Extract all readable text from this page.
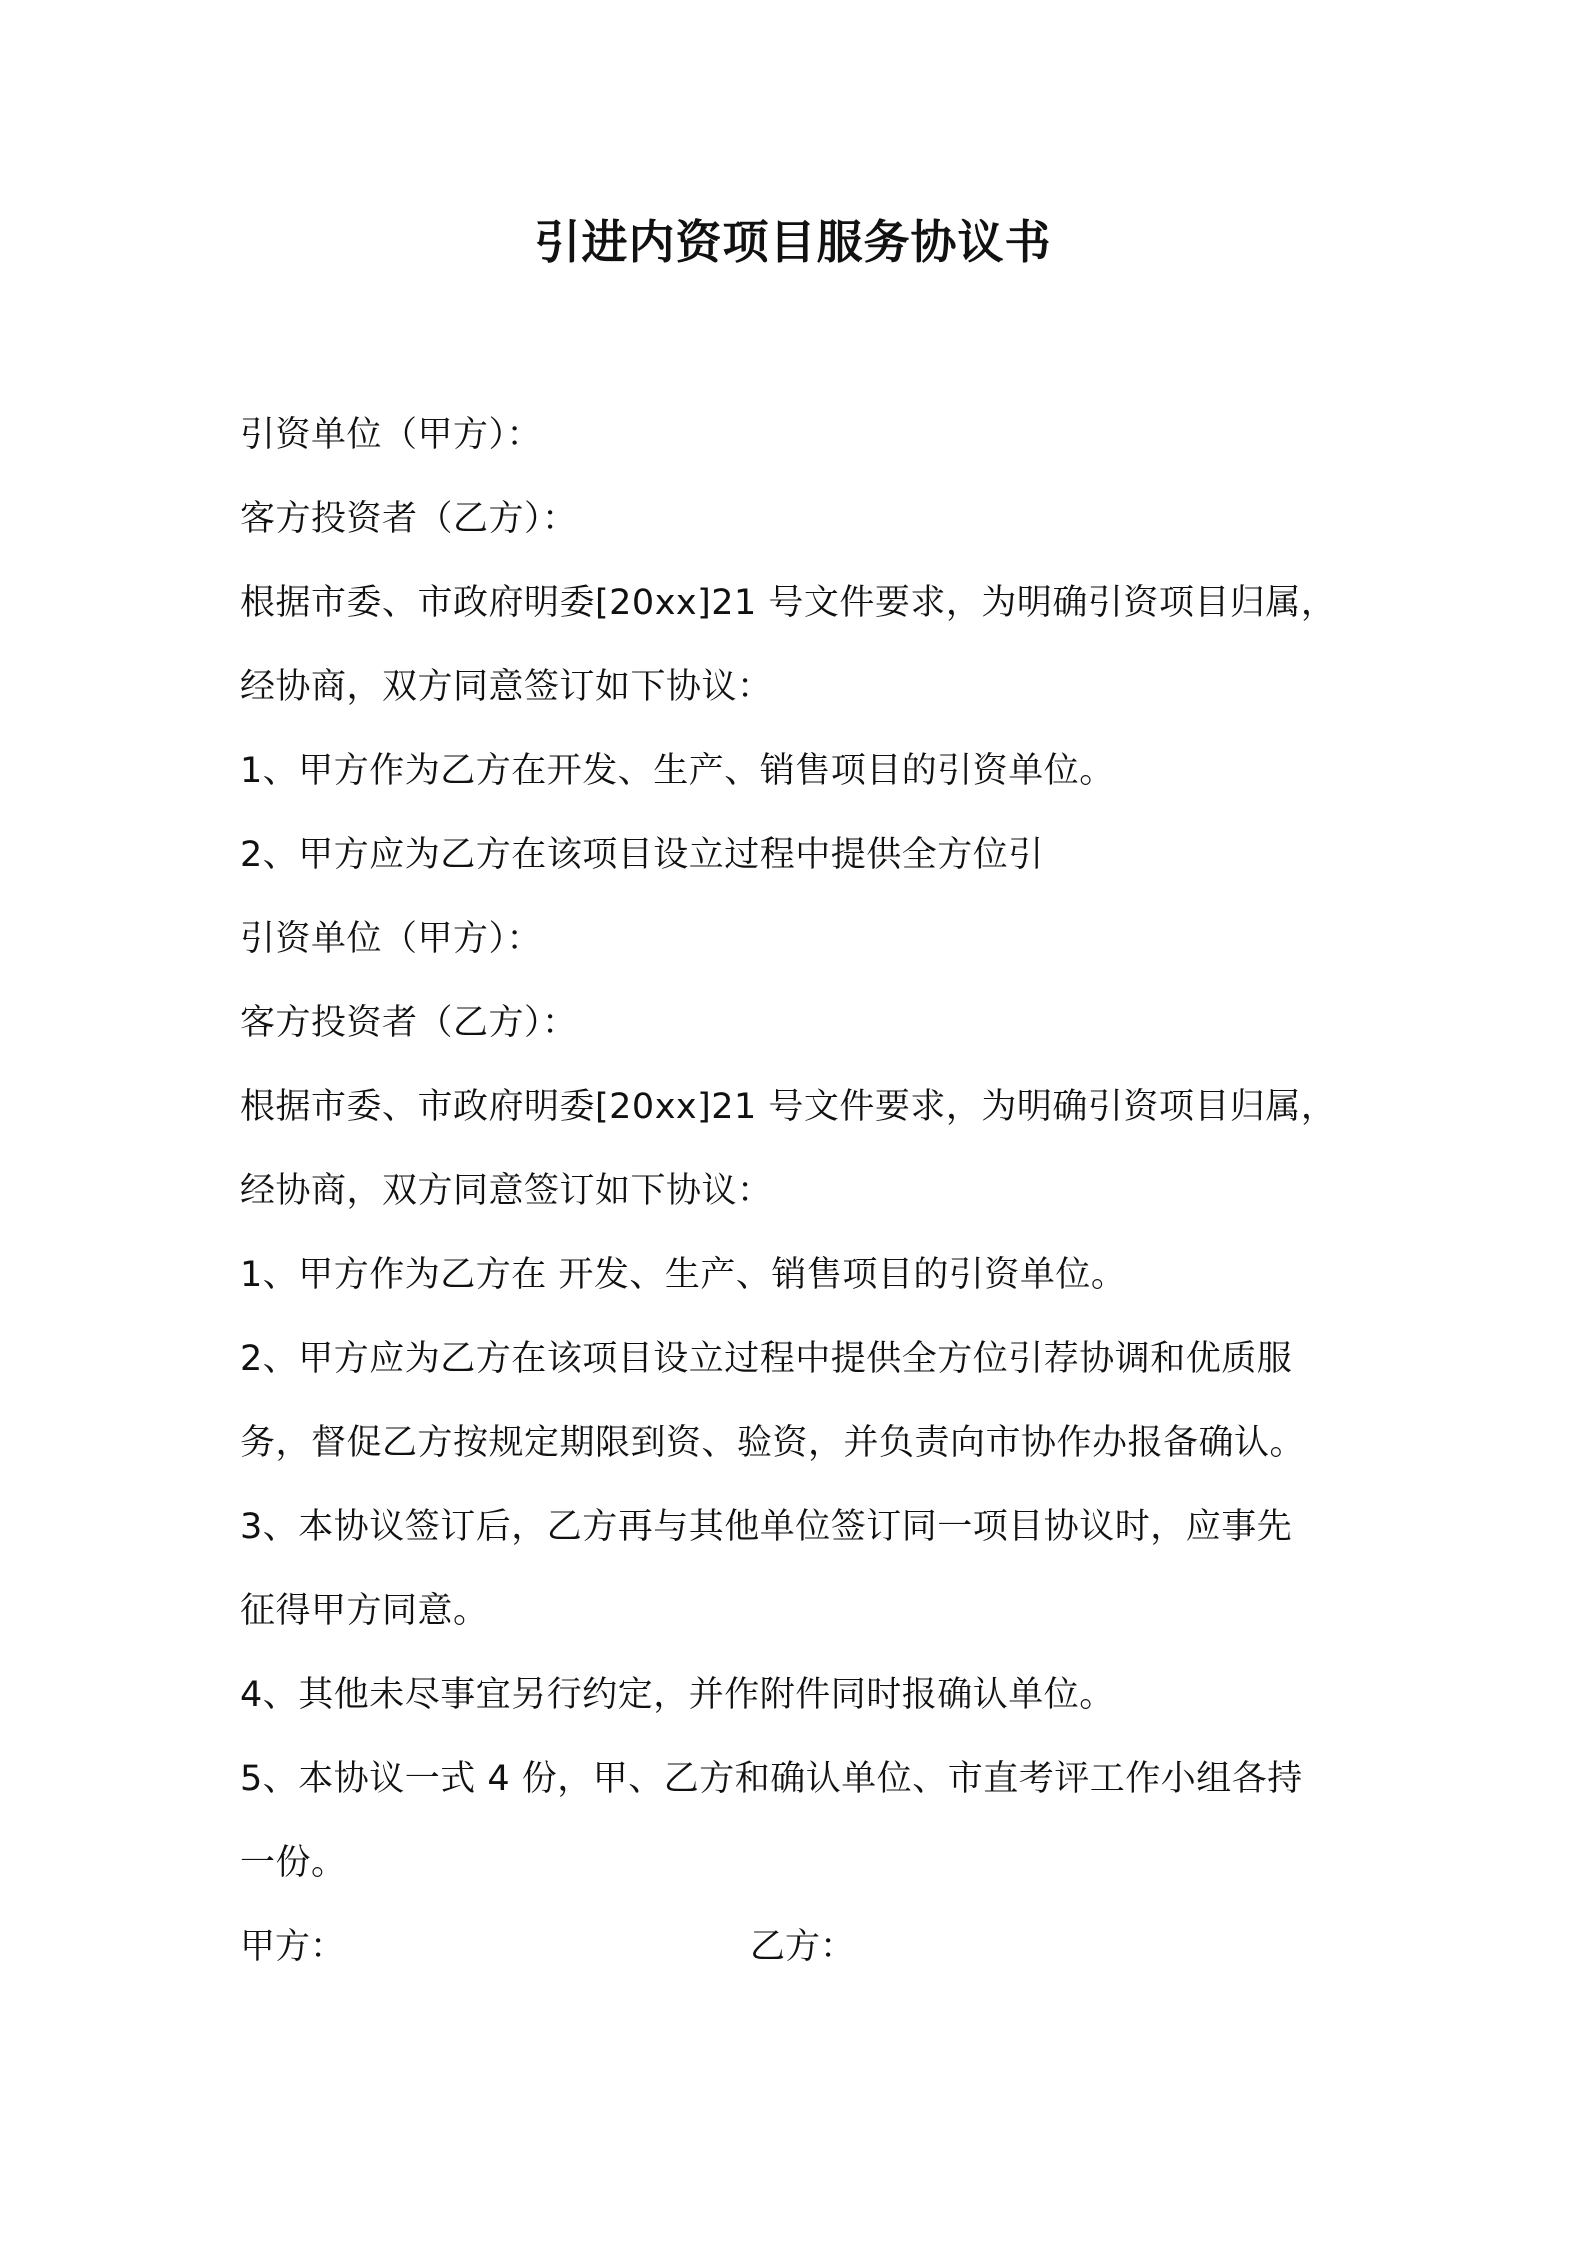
引进内资项目服务协议书
引资单位（甲方）：
客方投资者（乙方）：
根据市委、市政府明委[20xx]21 号文件要求，为明确引资项目归属，
经协商，双方同意签订如下协议：
1、甲方作为乙方在开发、生产、销售项目的引资单位。
2、甲方应为乙方在该项目设立过程中提供全方位引
引资单位（甲方）：
客方投资者（乙方）：
根据市委、市政府明委[20xx]21 号文件要求，为明确引资项目归属，
经协商，双方同意签订如下协议：
1、甲方作为乙方在 开发、生产、销售项目的引资单位。
2、甲方应为乙方在该项目设立过程中提供全方位引荐协调和优质服
务，督促乙方按规定期限到资、验资，并负责向市协作办报备确认。
3、本协议签订后，乙方再与其他单位签订同一项目协议时，应事先
征得甲方同意。
4、其他未尽事宜另行约定，并作附件同时报确认单位。
5、本协议一式 4 份，甲、乙方和确认单位、市直考评工作小组各持
一份。
甲方：	乙方：
